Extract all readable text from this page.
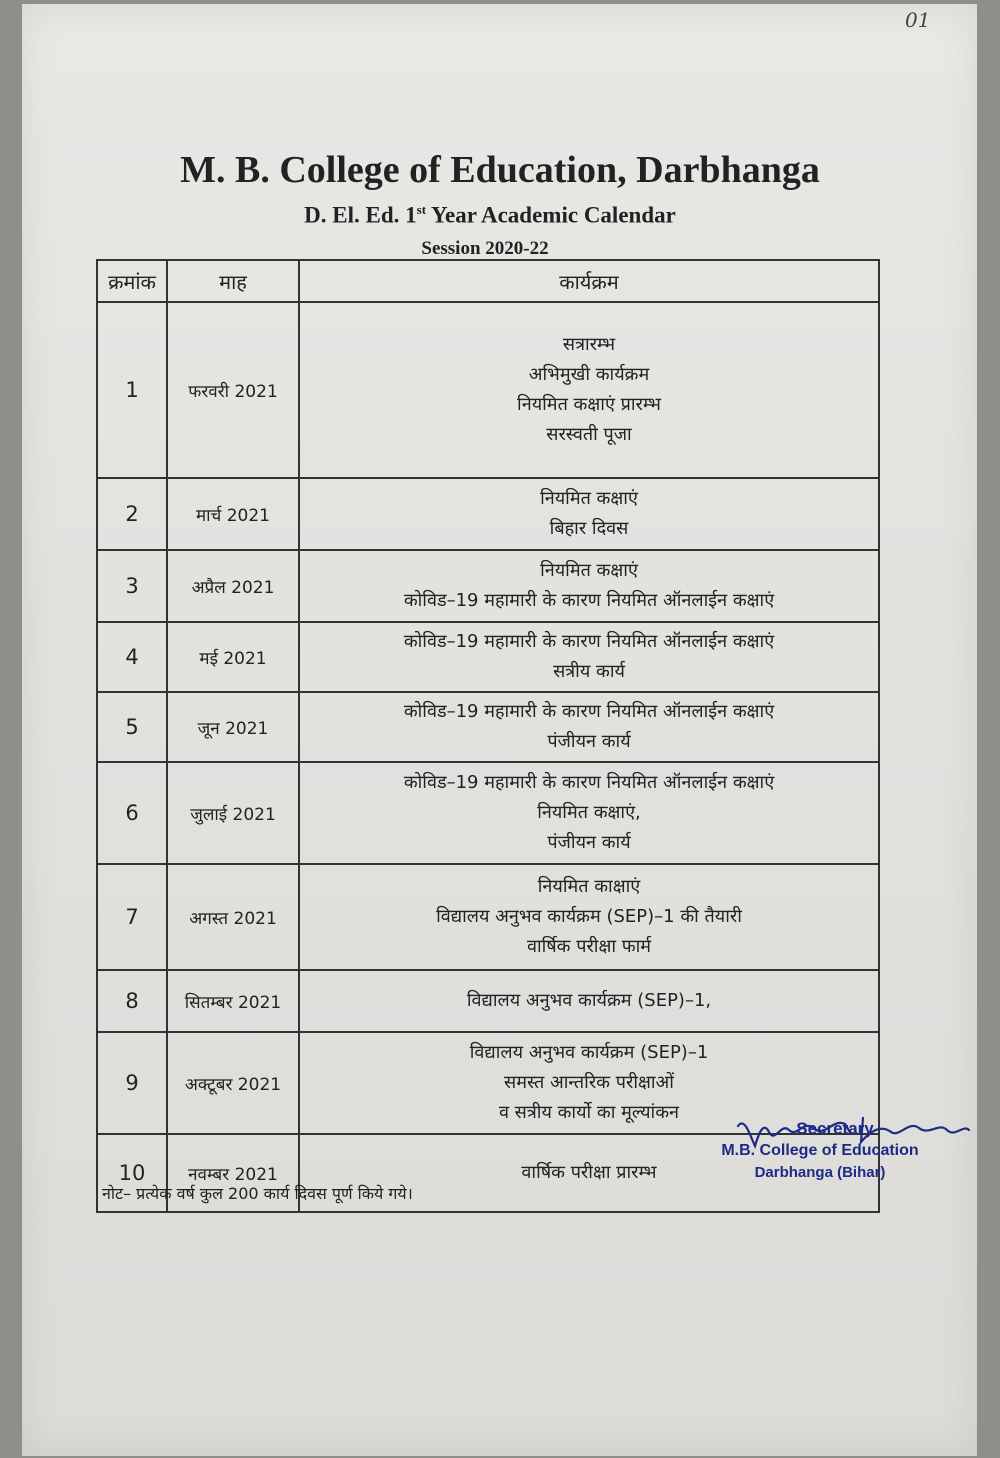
01
M. B. College of Education, Darbhanga
D. El. Ed. 1st Year Academic Calendar
Session 2020-22
क्रमांक	माह	कार्यक्रम
1	फरवरी 2021	सत्रारम्भ
अभिमुखी कार्यक्रम
नियमित कक्षाएं प्रारम्भ
सरस्वती पूजा

2	मार्च 2021	नियमित कक्षाएं
बिहार दिवस

3	अप्रैल 2021	नियमित कक्षाएं
कोविड–19 महामारी के कारण नियमित ऑनलाईन कक्षाएं

4	मई 2021	कोविड–19 महामारी के कारण नियमित ऑनलाईन कक्षाएं
सत्रीय कार्य

5	जून 2021	कोविड–19 महामारी के कारण नियमित ऑनलाईन कक्षाएं
पंजीयन कार्य

6	जुलाई 2021	कोविड–19 महामारी के कारण नियमित ऑनलाईन कक्षाएं
नियमित कक्षाएं,
पंजीयन कार्य

7	अगस्त 2021	नियमित काक्षाएं
विद्यालय अनुभव कार्यक्रम (SEP)–1 की तैयारी
वार्षिक परीक्षा फार्म

8	सितम्बर 2021	विद्यालय अनुभव कार्यक्रम (SEP)–1,

9	अक्टूबर 2021	विद्यालय अनुभव कार्यक्रम (SEP)–1
समस्त आन्तरिक परीक्षाओं
व सत्रीय कार्यो का मूल्यांकन

10	नवम्बर 2021	वार्षिक परीक्षा प्रारम्भ
नोट– प्रत्येक वर्ष कुल 200 कार्य दिवस पूर्ण किये गये।
Secretary
M.B. College of Education
Darbhanga (Bihar)
